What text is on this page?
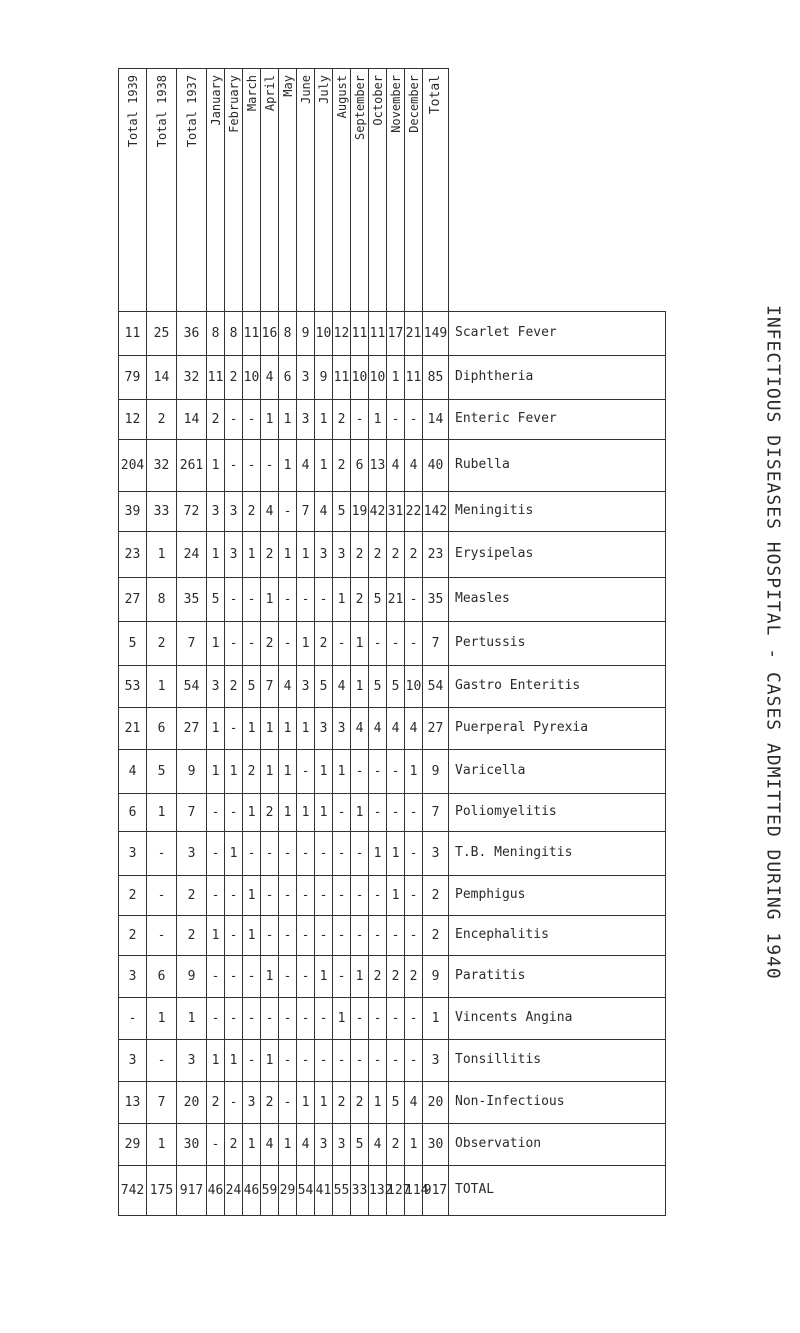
INFECTIOUS DISEASES HOSPITAL - CASES ADMITTED DURING 1940
Total 1939	Total 1938	Total 1937	January	February	March	April	May	June	July	August	September	October	November	December	Total	
11	25	36	8	8	11	16	8	9	10	12	11	11	17	21	149	Scarlet Fever
79	14	32	11	2	10	4	6	3	9	11	10	10	1	11	85	Diphtheria
12	2	14	2	-	-	1	1	3	1	2	-	1	-	-	14	Enteric Fever
204	32	261	1	-	-	-	1	4	1	2	6	13	4	4	40	Rubella
39	33	72	3	3	2	4	-	7	4	5	19	42	31	22	142	Meningitis
23	1	24	1	3	1	2	1	1	3	3	2	2	2	2	23	Erysipelas
27	8	35	5	-	-	1	-	-	-	1	2	5	21	-	35	Measles
5	2	7	1	-	-	2	-	1	2	-	1	-	-	-	7	Pertussis
53	1	54	3	2	5	7	4	3	5	4	1	5	5	10	54	Gastro Enteritis
21	6	27	1	-	1	1	1	1	3	3	4	4	4	4	27	Puerperal Pyrexia
4	5	9	1	1	2	1	1	-	1	1	-	-	-	1	9	Varicella
6	1	7	-	-	1	2	1	1	1	-	1	-	-	-	7	Poliomyelitis
3	-	3	-	1	-	-	-	-	-	-	-	1	1	-	3	T.B. Meningitis
2	-	2	-	-	1	-	-	-	-	-	-	-	1	-	2	Pemphigus
2	-	2	1	-	1	-	-	-	-	-	-	-	-	-	2	Encephalitis
3	6	9	-	-	-	1	-	-	1	-	1	2	2	2	9	Paratitis
-	1	1	-	-	-	-	-	-	-	1	-	-	-	-	1	Vincents Angina
3	-	3	1	1	-	1	-	-	-	-	-	-	-	-	3	Tonsillitis
13	7	20	2	-	3	2	-	1	1	2	2	1	5	4	20	Non-Infectious
29	1	30	-	2	1	4	1	4	3	3	5	4	2	1	30	Observation
742	175	917	46	24	46	59	29	54	41	55	33	132	127	114	917	TOTAL
